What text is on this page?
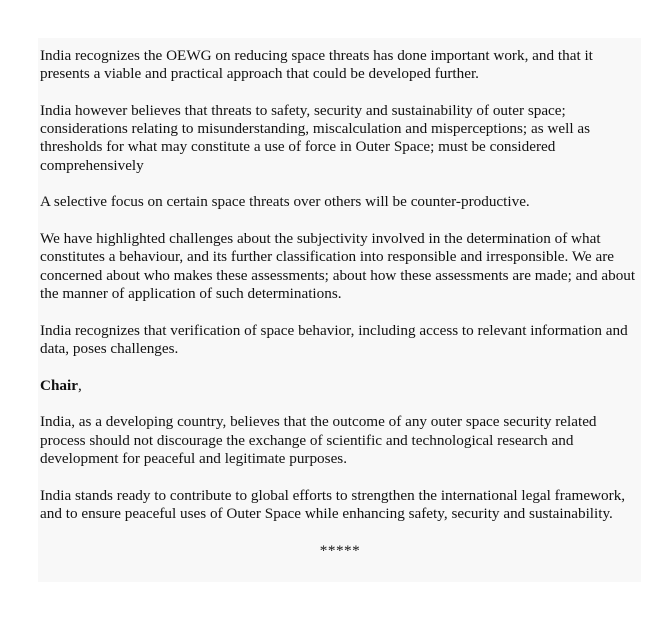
India recognizes the OEWG on reducing space threats has done important work, and that it presents a viable and practical approach that could be developed further.

India however believes that threats to safety, security and sustainability of outer space; considerations relating to misunderstanding, miscalculation and misperceptions; as well as thresholds for what may constitute a use of force in Outer Space; must be considered comprehensively

A selective focus on certain space threats over others will be counter-productive.

We have highlighted challenges about the subjectivity involved in the determination of what constitutes a behaviour, and its further classification into responsible and irresponsible. We are concerned about who makes these assessments; about how these assessments are made; and about the manner of application of such determinations.

India recognizes that verification of space behavior, including access to relevant information and data, poses challenges.

Chair,

India, as a developing country, believes that the outcome of any outer space security related process should not discourage the exchange of scientific and technological research and development for peaceful and legitimate purposes.

India stands ready to contribute to global efforts to strengthen the international legal framework, and to ensure peaceful uses of Outer Space while enhancing safety, security and sustainability.

*****
